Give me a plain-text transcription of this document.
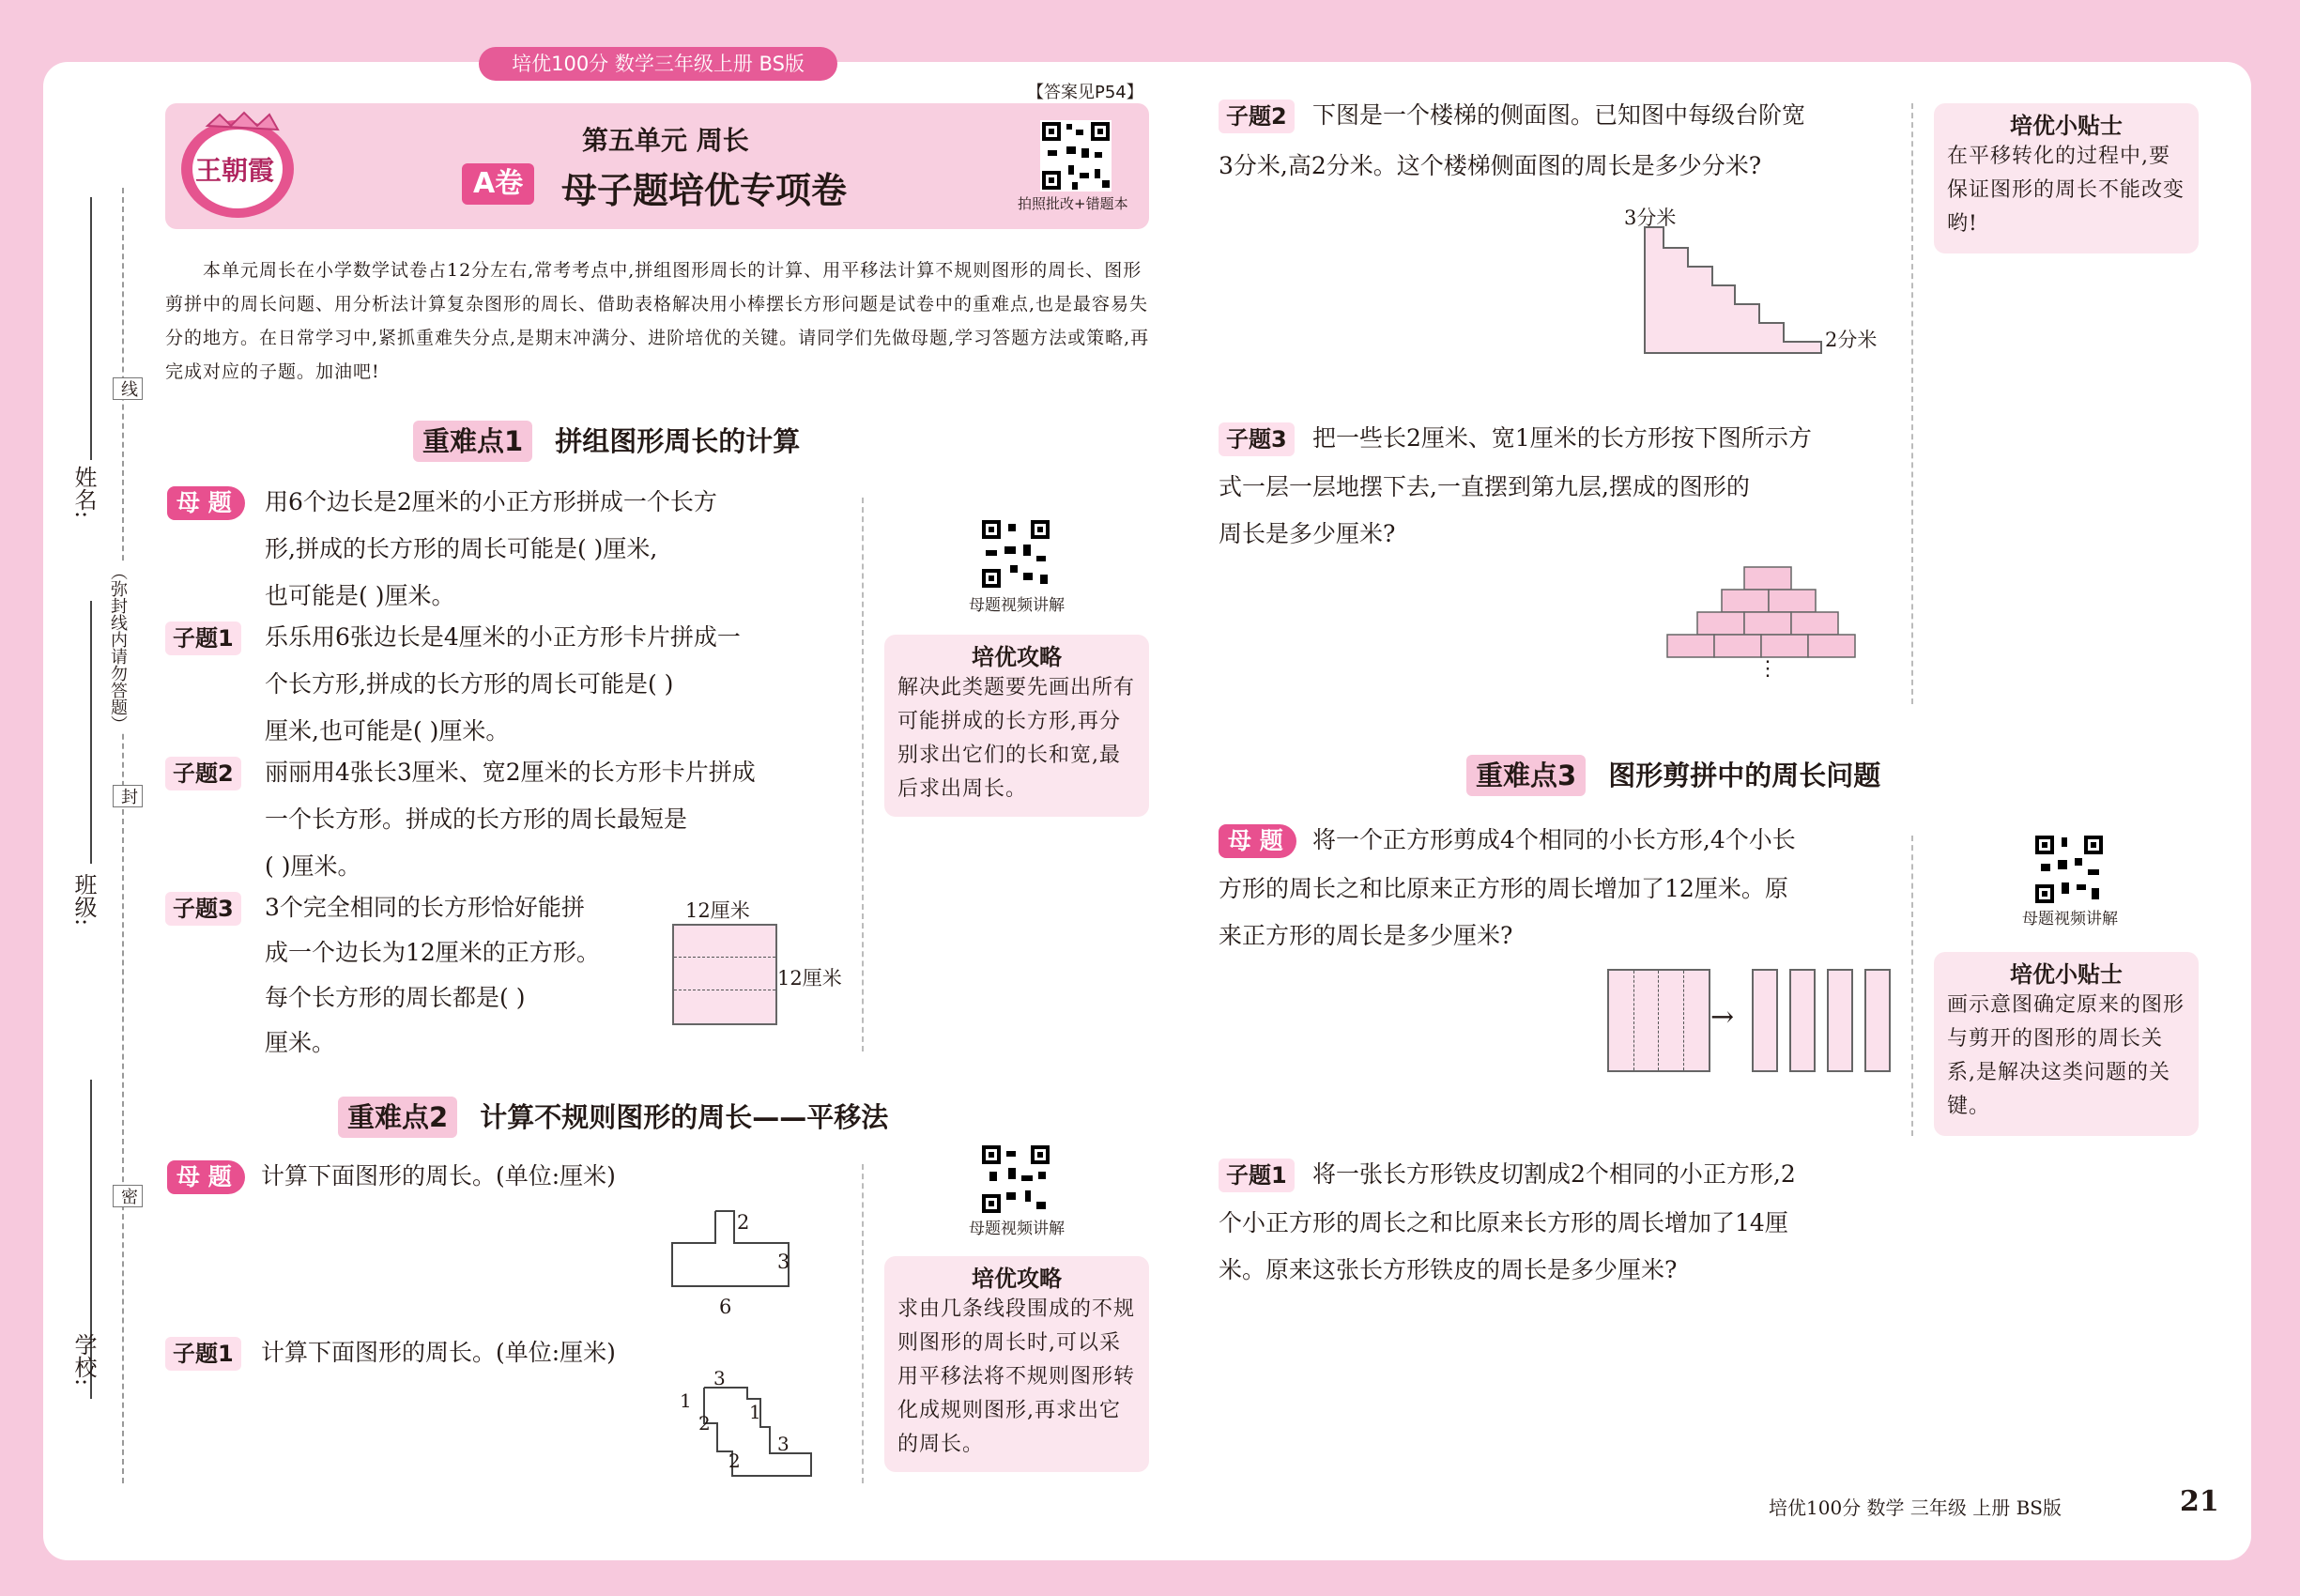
培优100分 数学三年级上册 BS版
姓名:
班级:
学校:
线
封
密
（弥封线内请勿答题）
【答案见P54】
王朝霞
第五单元 周长
A卷	母子题培优专项卷	拍照批改+错题本
本单元周长在小学数学试卷占12分左右,常考考点中,拼组图形周长的计算、用平移法计算不规则图形的周长、图形剪拼中的周长问题、用分析法计算复杂图形的周长、借助表格解决用小棒摆长方形问题是试卷中的重难点,也是最容易失分的地方。在日常学习中,紧抓重难失分点,是期末冲满分、进阶培优的关键。请同学们先做母题,学习答题方法或策略,再完成对应的子题。加油吧!
重难点1 拼组图形周长的计算
母 题	用6个边长是2厘米的小正方形拼成一个长方
形,拼成的长方形的周长可能是( )厘米,
也可能是( )厘米。
子题1	乐乐用6张边长是4厘米的小正方形卡片拼成一
个长方形,拼成的长方形的周长可能是( )
厘米,也可能是( )厘米。
子题2	丽丽用4张长3厘米、宽2厘米的长方形卡片拼成
一个长方形。拼成的长方形的周长最短是
( )厘米。
子题3	3个完全相同的长方形恰好能拼
成一个边长为12厘米的正方形。
每个长方形的周长都是( )
厘米。
12厘米
12厘米
母题视频讲解
培优攻略
解决此类题要先画出所有可能拼成的长方形,再分别求出它们的长和宽,最后求出周长。
重难点2 计算不规则图形的周长——平移法
母 题	计算下面图形的周长。(单位:厘米)
2
3
6
子题1	计算下面图形的周长。(单位:厘米)
3
1
2 1
2
3
母题视频讲解
培优攻略
求由几条线段围成的不规则图形的周长时,可以采用平移法将不规则图形转化成规则图形,再求出它的周长。
子题2	下图是一个楼梯的侧面图。已知图中每级台阶宽
3分米,高2分米。这个楼梯侧面图的周长是多少分米?
3分米
2分米
培优小贴士
在平移转化的过程中,要保证图形的周长不能改变哟!
子题3	把一些长2厘米、宽1厘米的长方形按下图所示方
式一层一层地摆下去,一直摆到第九层,摆成的图形的
周长是多少厘米?
⋮
重难点3 图形剪拼中的周长问题
母 题	将一个正方形剪成4个相同的小长方形,4个小长
方形的周长之和比原来正方形的周长增加了12厘米。原
来正方形的周长是多少厘米?
→
母题视频讲解
培优小贴士
画示意图确定原来的图形与剪开的图形的周长关系,是解决这类问题的关键。
子题1	将一张长方形铁皮切割成2个相同的小正方形,2
个小正方形的周长之和比原来长方形的周长增加了14厘
米。原来这张长方形铁皮的周长是多少厘米?
培优100分 数学 三年级 上册 BS版	21
